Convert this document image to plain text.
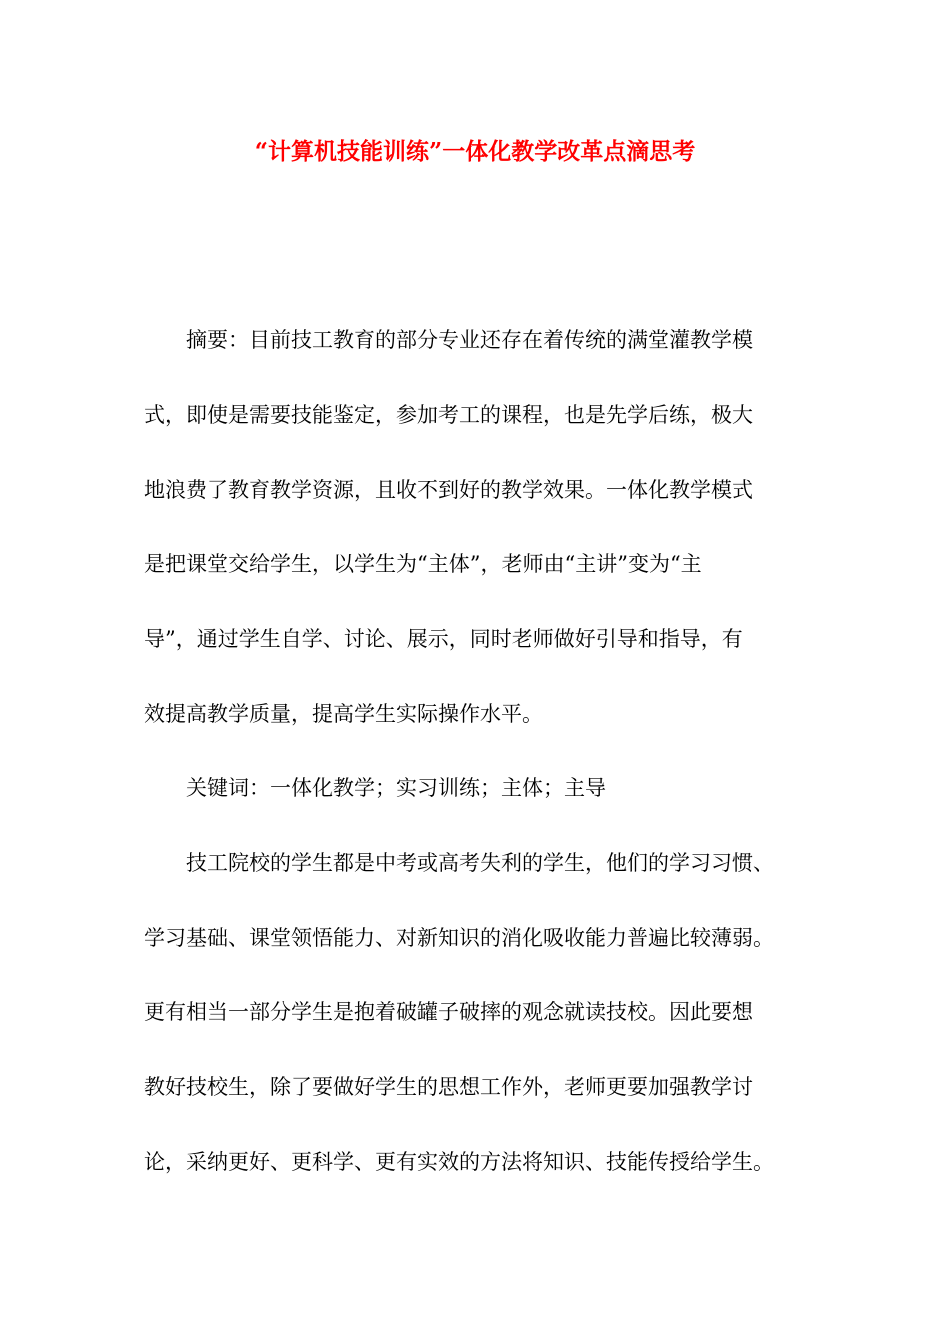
“计算机技能训练”一体化教学改革点滴思考
　　摘要：目前技工教育的部分专业还存在着传统的满堂灌教学模
式，即使是需要技能鉴定，参加考工的课程，也是先学后练，极大
地浪费了教育教学资源，且收不到好的教学效果。一体化教学模式
是把课堂交给学生，以学生为“主体”，老师由“主讲”变为“主
导”，通过学生自学、讨论、展示，同时老师做好引导和指导，有
效提高教学质量，提高学生实际操作水平。
　　关键词：一体化教学；实习训练；主体；主导
　　技工院校的学生都是中考或高考失利的学生，他们的学习习惯、
学习基础、课堂领悟能力、对新知识的消化吸收能力普遍比较薄弱。
更有相当一部分学生是抱着破罐子破摔的观念就读技校。因此要想
教好技校生，除了要做好学生的思想工作外，老师更要加强教学讨
论，采纳更好、更科学、更有实效的方法将知识、技能传授给学生。
